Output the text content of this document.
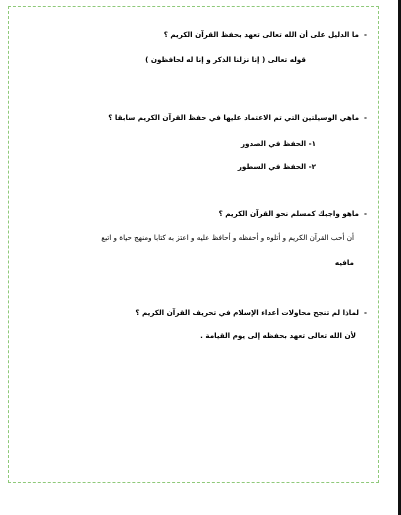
-ما الدليل على أن الله تعالى تعهد بحفظ القرآن الكريم ؟
قوله تعالى ( إنا نزلنا الذكر و إنا له لحافظون )
-ماهي الوسيلتين التي تم الاعتماد عليها في حفظ القرآن الكريم سابقا ؟
١- الحفظ في الصدور
٢- الحفظ في السطور
-ماهو واجبك كمسلم نحو القرآن الكريم ؟
أن أحب القرآن الكريم و أتلوه و أحفظه و أحافظ عليه و اعتز به كتابا ومنهج حياة و اتبع
مافيه
-لماذا لم تنجح محاولات أعداء الإسلام في تحريف القرآن الكريم ؟
لأن الله تعالى تعهد بحفظه إلى يوم القيامة .
